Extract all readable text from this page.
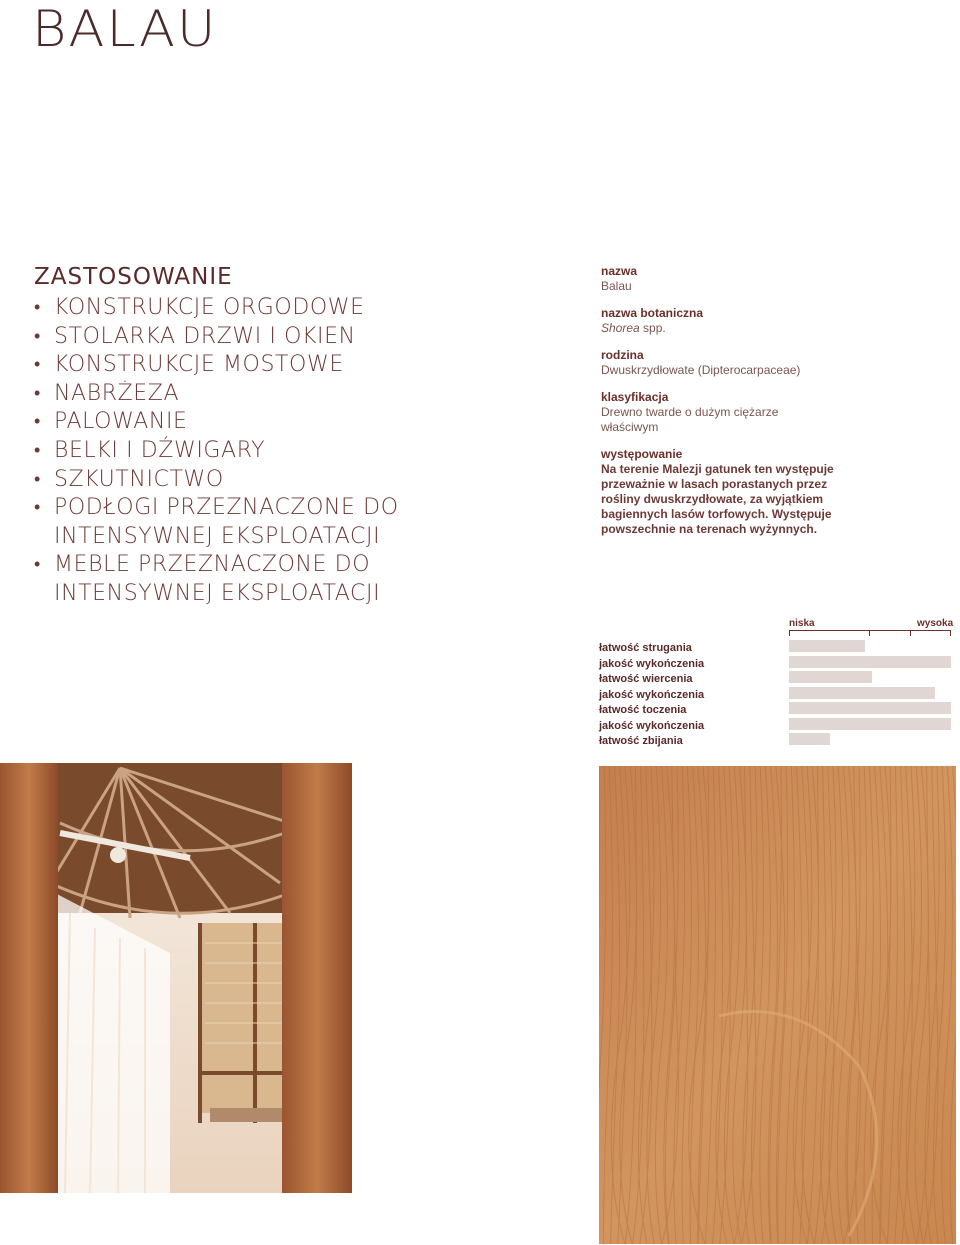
BALAU
ZASTOSOWANIE
• KONSTRUKCJE ORGODOWE
• STOLARKA DRZWI I OKIEN
• KONSTRUKCJE MOSTOWE
• NABRŻEZA
• PALOWANIE
• BELKI I DŹWIGARY
• SZKUTNICTWO
• PODŁOGI PRZEZNACZONE DO
INTENSYWNEJ EKSPLOATACJI
• MEBLE PRZEZNACZONE DO
INTENSYWNEJ EKSPLOATACJI
nazwa
Balau
nazwa botaniczna
Shorea spp.
rodzina
Dwuskrzydłowate (Dipterocarpaceae)
klasyfikacja
Drewno twarde o dużym ciężarze
właściwym
występowanie
Na terenie Malezji gatunek ten występuje
przeważnie w lasach porastanych przez
rośliny dwuskrzydłowate, za wyjątkiem
bagiennych lasów torfowych. Występuje
powszechnie na terenach wyżynnych.
niska	wysoka
łatwość strugania
jakość wykończenia
łatwość wiercenia
jakość wykończenia
łatwość toczenia
jakość wykończenia
łatwość zbijania
